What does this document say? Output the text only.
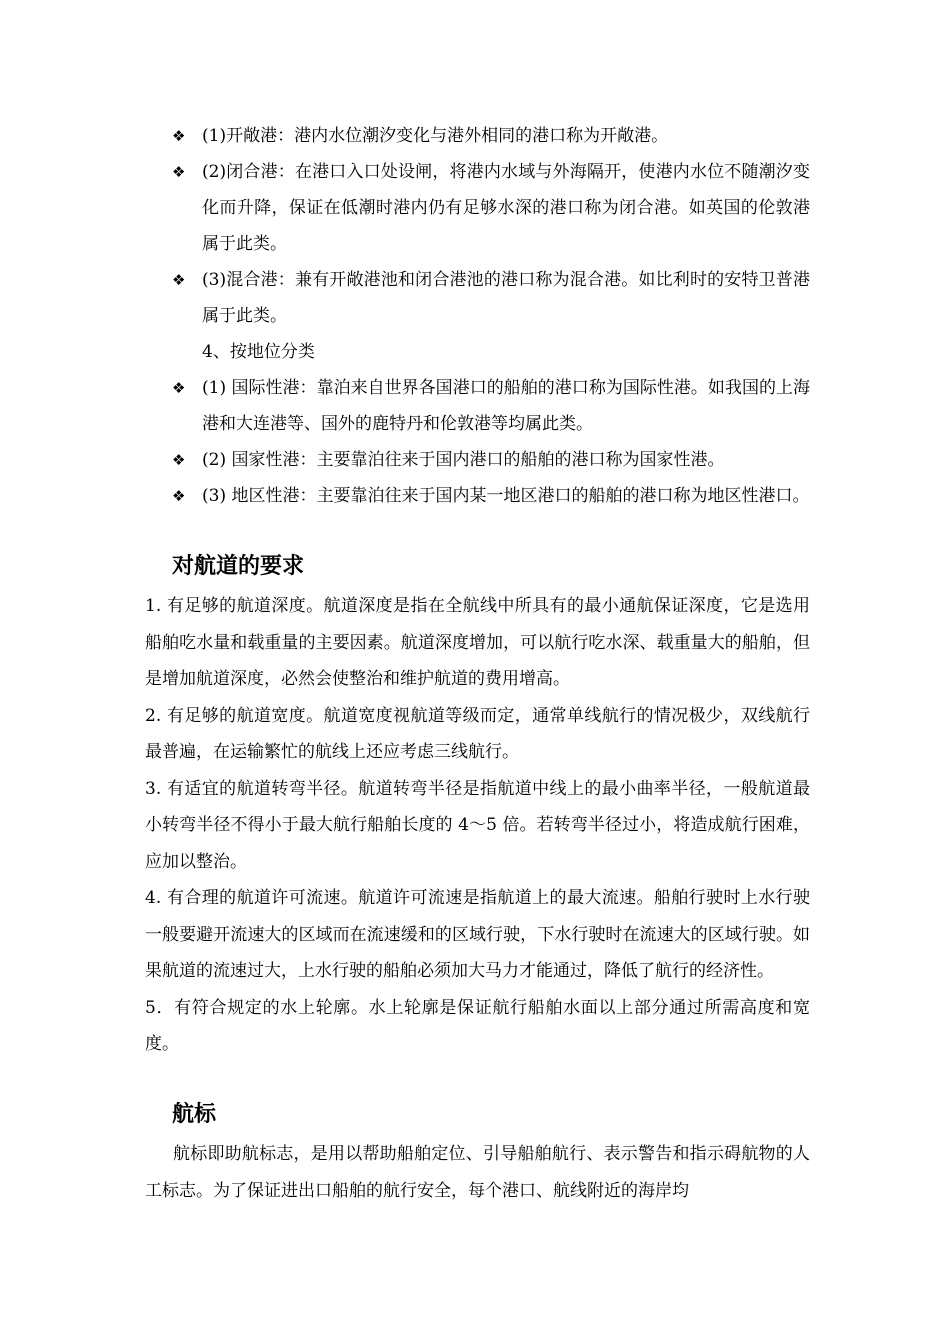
❖ (1)开敞港：港内水位潮汐变化与港外相同的港口称为开敞港。
❖ (2)闭合港：在港口入口处设闸，将港内水域与外海隔开，使港内水位不随潮汐变化而升降，保证在低潮时港内仍有足够水深的港口称为闭合港。如英国的伦敦港属于此类。
❖ (3)混合港：兼有开敞港池和闭合港池的港口称为混合港。如比利时的安特卫普港属于此类。
4、按地位分类
❖ (1) 国际性港：靠泊来自世界各国港口的船舶的港口称为国际性港。如我国的上海港和大连港等、国外的鹿特丹和伦敦港等均属此类。
❖ (2) 国家性港：主要靠泊往来于国内港口的船舶的港口称为国家性港。
❖ (3) 地区性港：主要靠泊往来于国内某一地区港口的船舶的港口称为地区性港口。
对航道的要求

1. 有足够的航道深度。航道深度是指在全航线中所具有的最小通航保证深度，它是选用船舶吃水量和载重量的主要因素。航道深度增加，可以航行吃水深、载重量大的船舶，但是增加航道深度，必然会使整治和维护航道的费用增高。

2. 有足够的航道宽度。航道宽度视航道等级而定，通常单线航行的情况极少，双线航行最普遍，在运输繁忙的航线上还应考虑三线航行。

3. 有适宜的航道转弯半径。航道转弯半径是指航道中线上的最小曲率半径，一般航道最小转弯半径不得小于最大航行船舶长度的 4～5 倍。若转弯半径过小，将造成航行困难，应加以整治。

4. 有合理的航道许可流速。航道许可流速是指航道上的最大流速。船舶行驶时上水行驶一般要避开流速大的区域而在流速缓和的区域行驶，下水行驶时在流速大的区域行驶。如果航道的流速过大，上水行驶的船舶必须加大马力才能通过，降低了航行的经济性。

5．有符合规定的水上轮廓。水上轮廓是保证航行船舶水面以上部分通过所需高度和宽度。

航标

航标即助航标志，是用以帮助船舶定位、引导船舶航行、表示警告和指示碍航物的人工标志。为了保证进出口船舶的航行安全，每个港口、航线附近的海岸均
